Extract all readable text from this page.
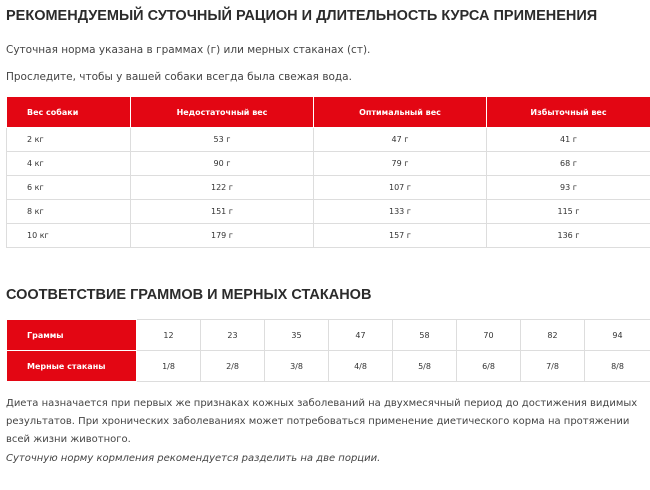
РЕКОМЕНДУЕМЫЙ СУТОЧНЫЙ РАЦИОН И ДЛИТЕЛЬНОСТЬ КУРСА ПРИМЕНЕНИЯ

Суточная норма указана в граммах (г) или мерных стаканах (ст).

Проследите, чтобы у вашей собаки всегда была свежая вода.

Вес собаки	Недостаточный вес	Оптимальный вес	Избыточный вес
2 кг	53 г	47 г	41 г
4 кг	90 г	79 г	68 г
6 кг	122 г	107 г	93 г
8 кг	151 г	133 г	115 г
10 кг	179 г	157 г	136 г
СООТВЕТСТВИЕ ГРАММОВ И МЕРНЫХ СТАКАНОВ
Граммы	12	23	35	47	58	70	82	94
Мерные стаканы	1/8	2/8	3/8	4/8	5/8	6/8	7/8	8/8

Диета назначается при первых же признаках кожных заболеваний на двухмесячный период до достижения видимых результатов. При хронических заболеваниях может потребоваться применение диетического корма на протяжении всей жизни животного.

Суточную норму кормления рекомендуется разделить на две порции.
